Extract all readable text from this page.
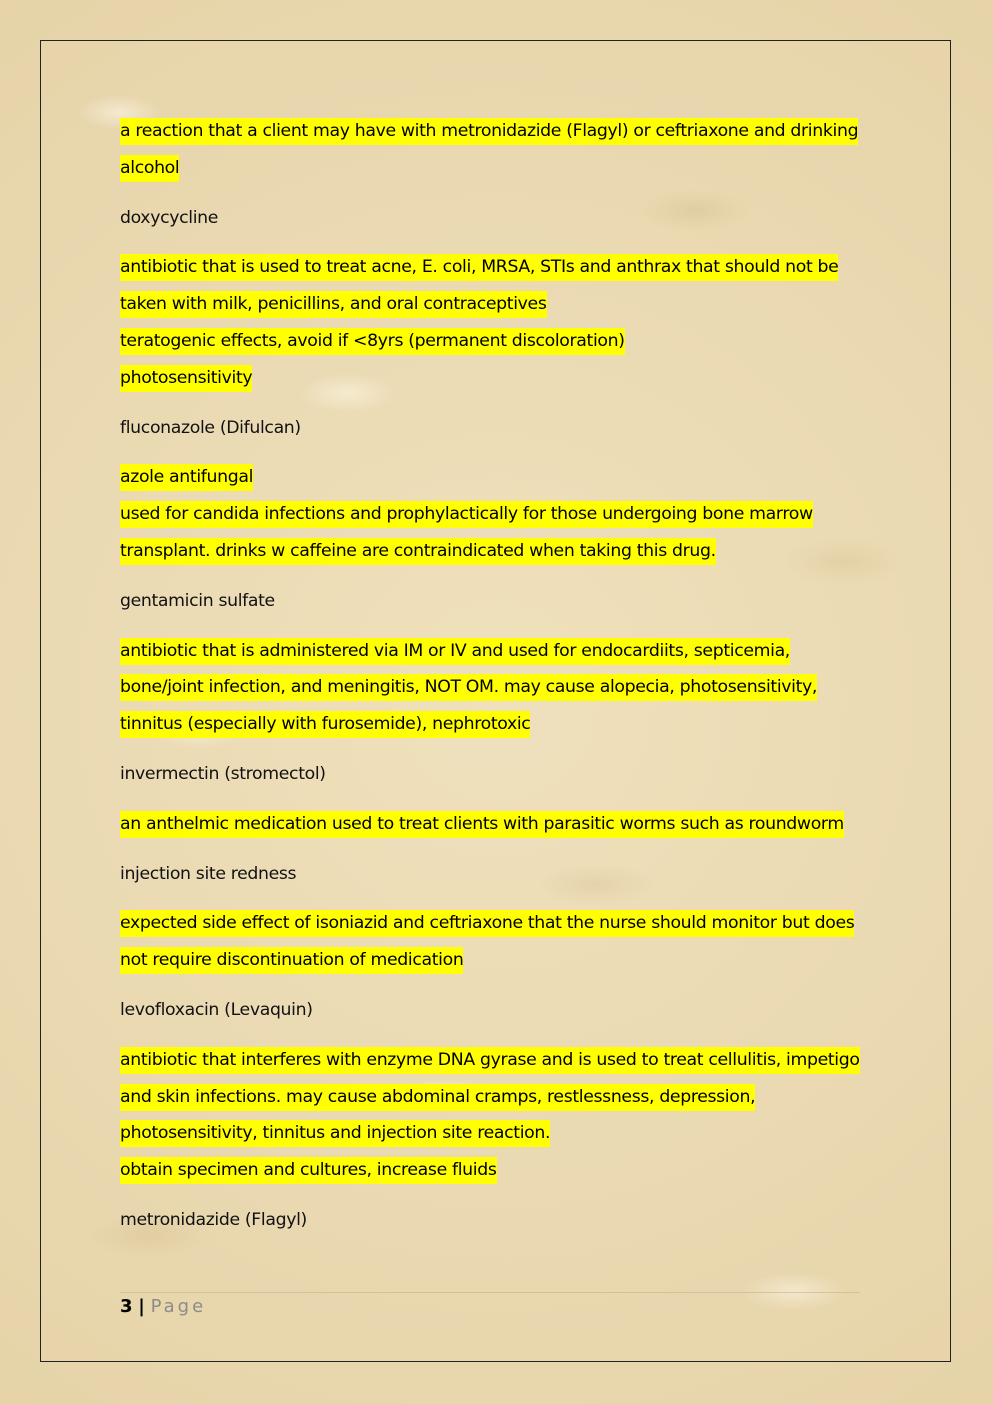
a reaction that a client may have with metronidazide (Flagyl) or ceftriaxone and drinking

alcohol

doxycycline

antibiotic that is used to treat acne, E. coli, MRSA, STIs and anthrax that should not be

taken with milk, penicillins, and oral contraceptives

teratogenic effects, avoid if <8yrs (permanent discoloration)

photosensitivity

fluconazole (Difulcan)

azole antifungal

used for candida infections and prophylactically for those undergoing bone marrow

transplant. drinks w caffeine are contraindicated when taking this drug.

gentamicin sulfate

antibiotic that is administered via IM or IV and used for endocardiits, septicemia,

bone/joint infection, and meningitis, NOT OM. may cause alopecia, photosensitivity,

tinnitus (especially with furosemide), nephrotoxic

invermectin (stromectol)

an anthelmic medication used to treat clients with parasitic worms such as roundworm

injection site redness

expected side effect of isoniazid and ceftriaxone that the nurse should monitor but does

not require discontinuation of medication

levofloxacin (Levaquin)

antibiotic that interferes with enzyme DNA gyrase and is used to treat cellulitis, impetigo

and skin infections. may cause abdominal cramps, restlessness, depression,

photosensitivity, tinnitus and injection site reaction.

obtain specimen and cultures, increase fluids

metronidazide (Flagyl)

3 | Page
